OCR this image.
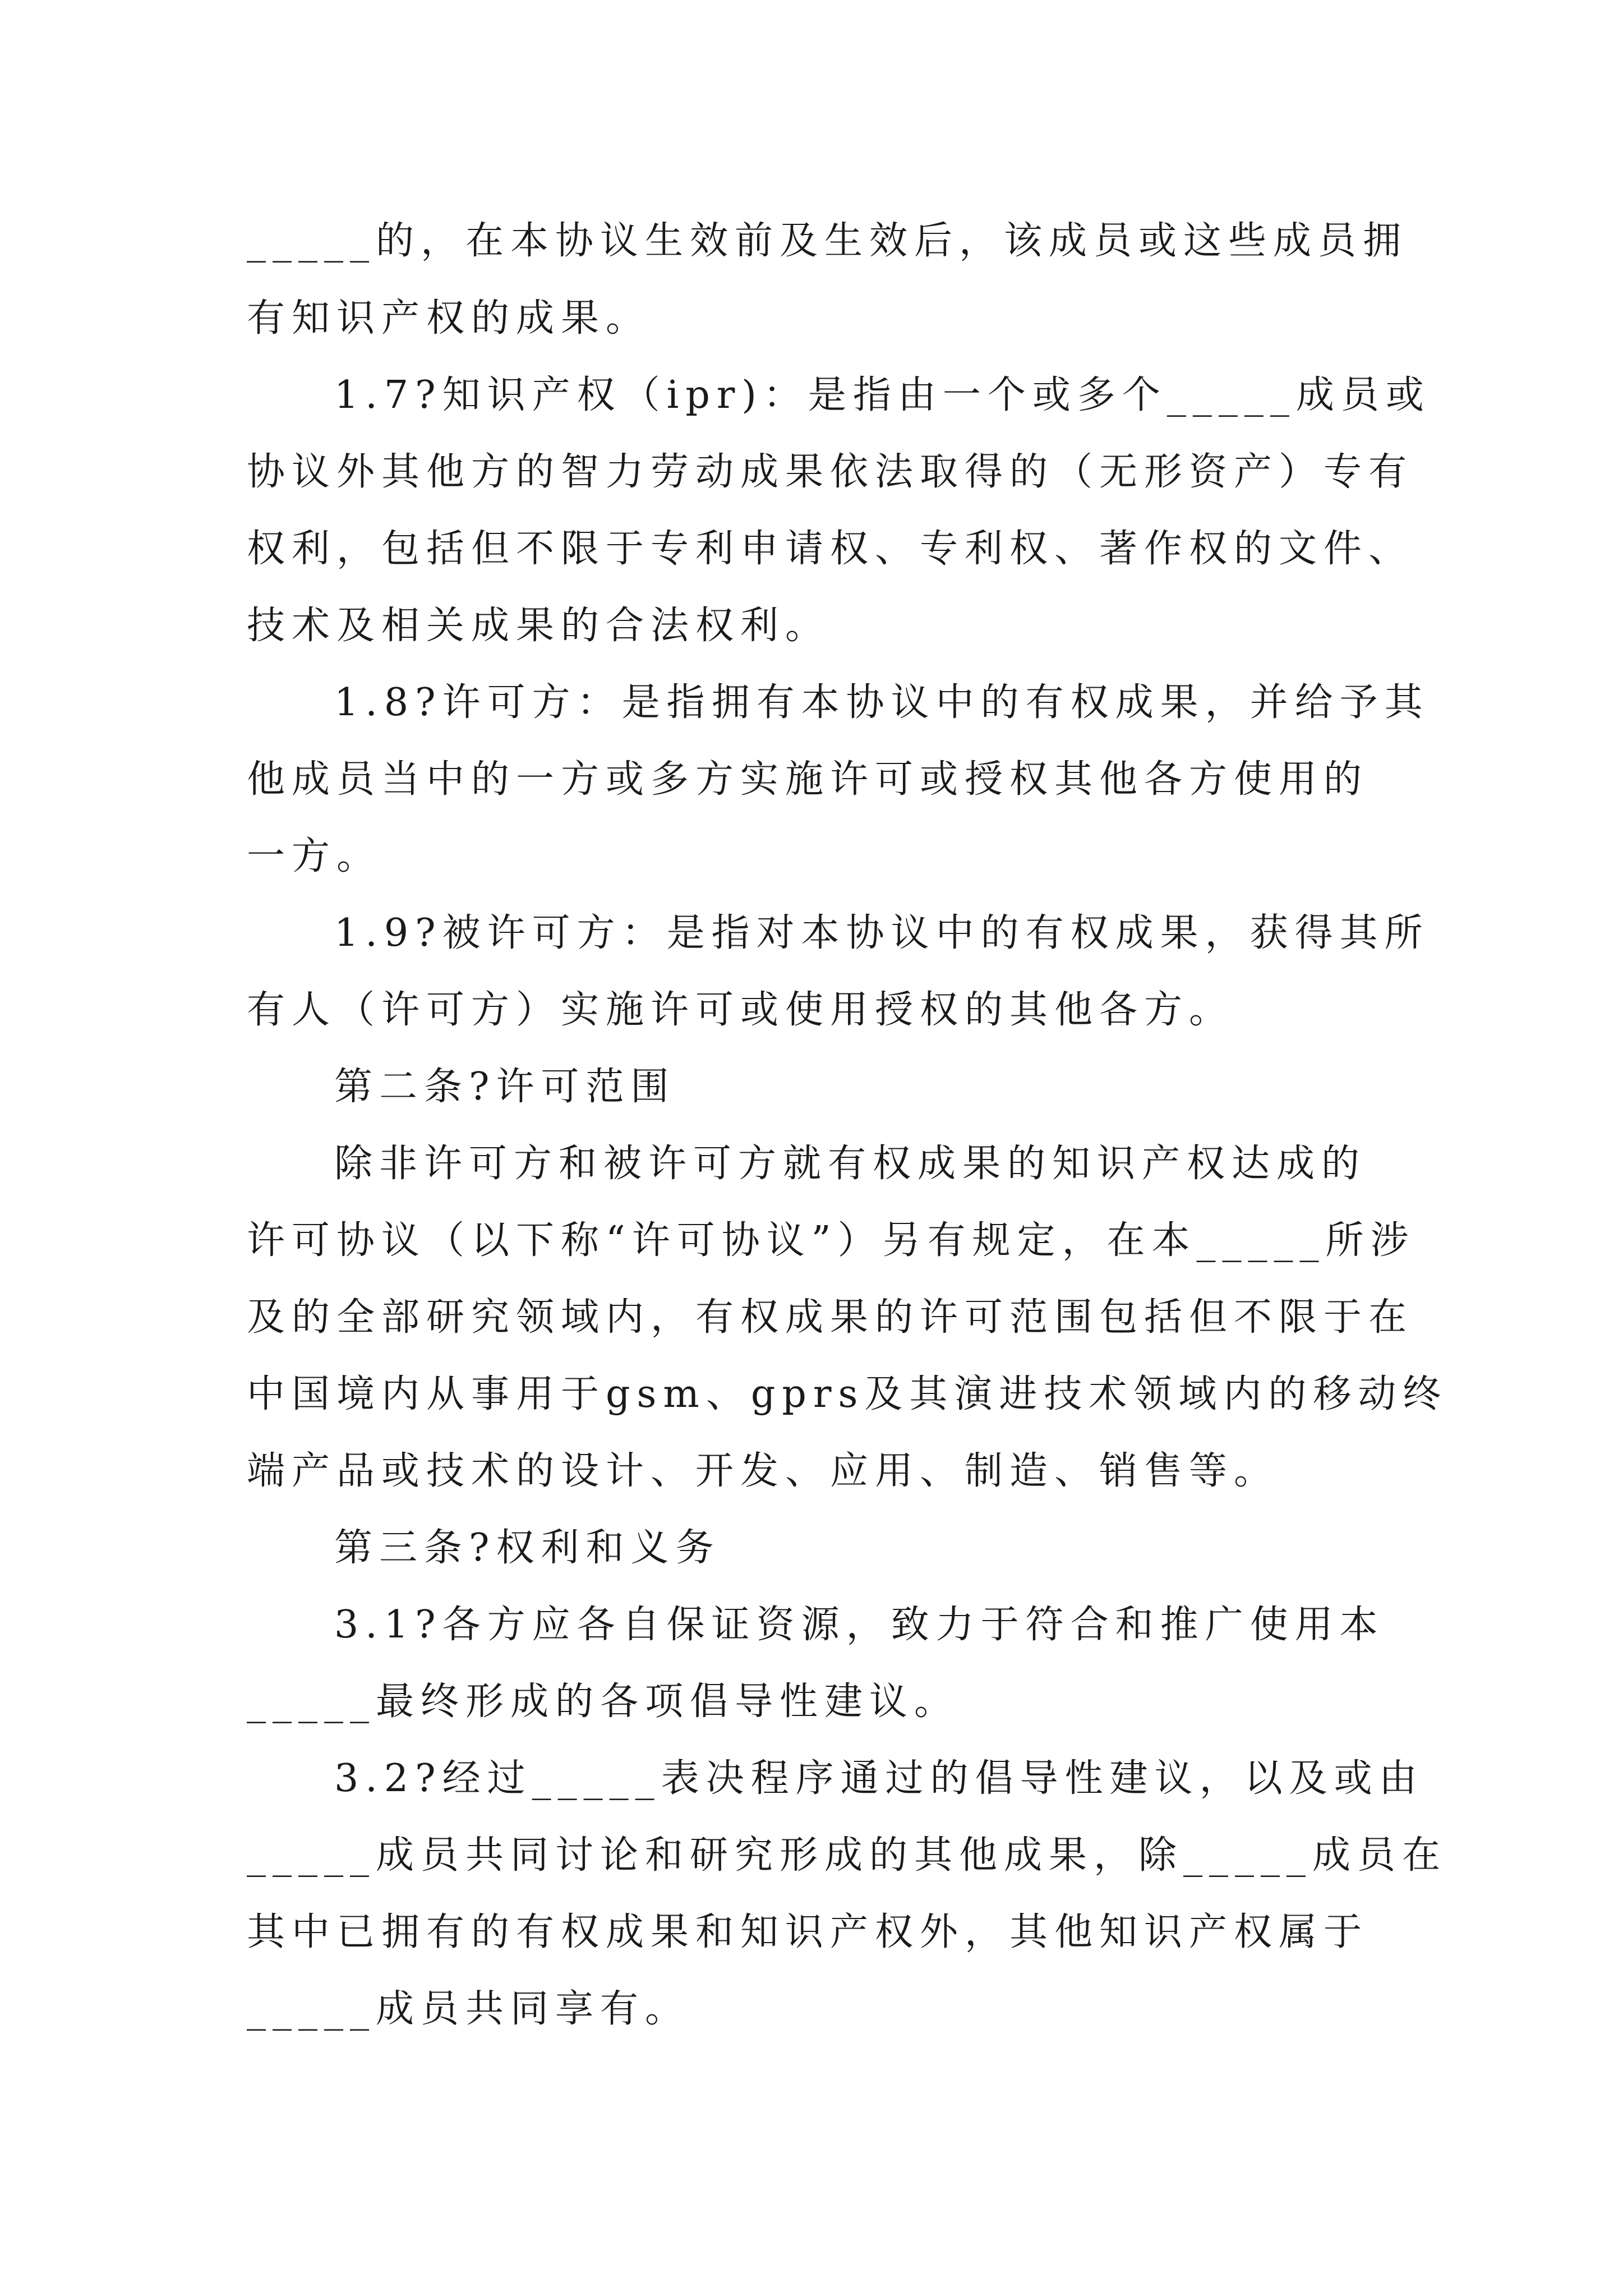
_____的，在本协议生效前及生效后，该成员或这些成员拥
有知识产权的成果。
1.7?知识产权（ipr)：是指由一个或多个_____成员或
协议外其他方的智力劳动成果依法取得的（无形资产）专有
权利，包括但不限于专利申请权、专利权、著作权的文件、
技术及相关成果的合法权利。
1.8?许可方：是指拥有本协议中的有权成果，并给予其
他成员当中的一方或多方实施许可或授权其他各方使用的
一方。
1.9?被许可方：是指对本协议中的有权成果，获得其所
有人（许可方）实施许可或使用授权的其他各方。
第二条?许可范围
除非许可方和被许可方就有权成果的知识产权达成的
许可协议（以下称“许可协议”）另有规定，在本_____所涉
及的全部研究领域内，有权成果的许可范围包括但不限于在
中国境内从事用于gsm、gprs及其演进技术领域内的移动终
端产品或技术的设计、开发、应用、制造、销售等。
第三条?权利和义务
3.1?各方应各自保证资源，致力于符合和推广使用本
_____最终形成的各项倡导性建议。
3.2?经过_____表决程序通过的倡导性建议，以及或由
_____成员共同讨论和研究形成的其他成果，除_____成员在
其中已拥有的有权成果和知识产权外，其他知识产权属于
_____成员共同享有。
